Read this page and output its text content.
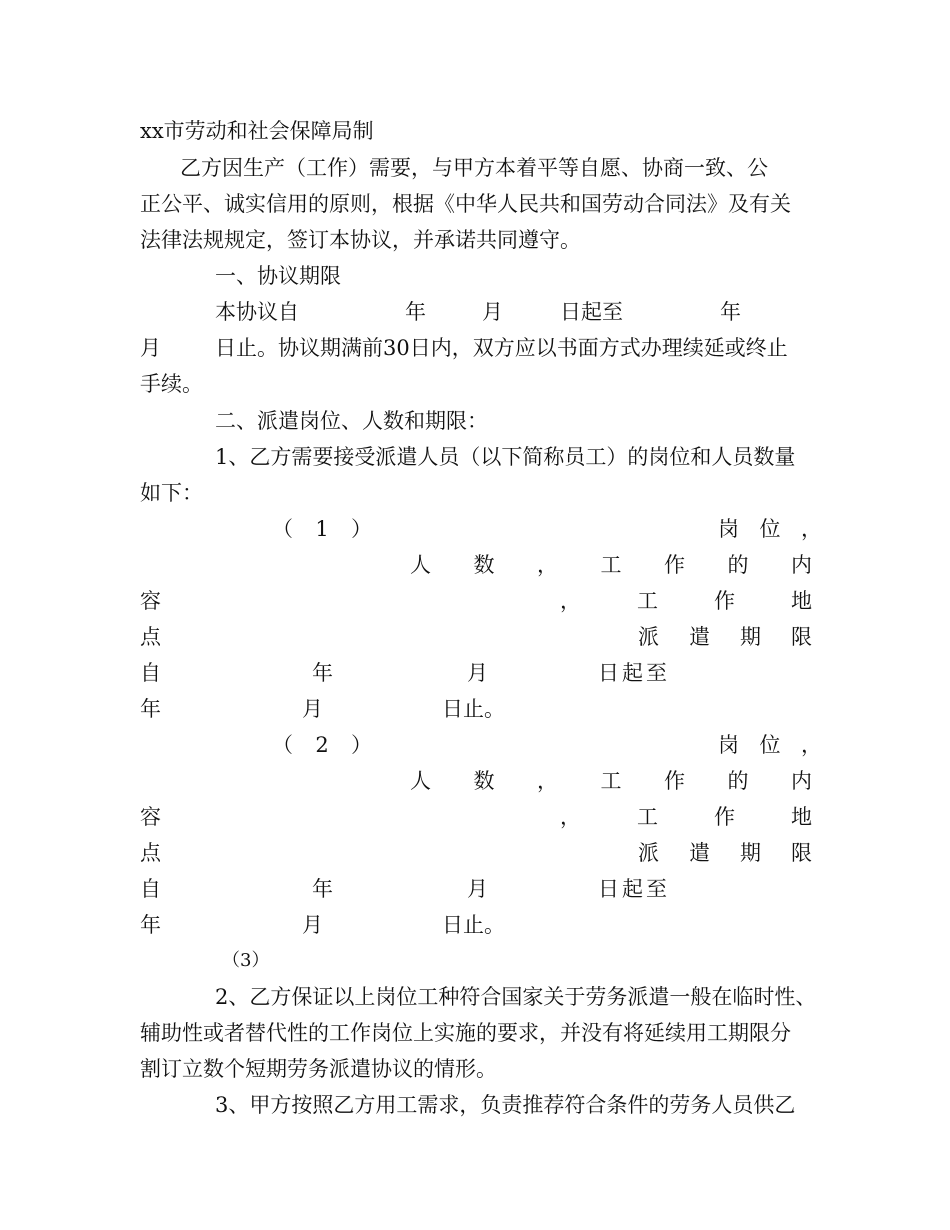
xx市劳动和社会保障局制
乙方因生产（工作）需要，与甲方本着平等自愿、协商一致、公
正公平、诚实信用的原则，根据《中华人民共和国劳动合同法》及有关
法律法规规定，签订本协议，并承诺共同遵守。
一、协议期限
本协议自	年	月	日起至	年
月	日止。协议期满前30日内，双方应以书面方式办理续延或终止
手续。
二、派遣岗位、人数和期限：
1、乙方需要接受派遣人员（以下简称员工）的岗位和人员数量
如下：
（ 1 ）	岗 位 ，
人 数 ， 工 作 的 内
容	，	工	作	地
点	派 遣 期 限
自	年	月	日起至
年	月	日止。
（ 2 ）	岗 位 ，
人 数 ， 工 作 的 内
容	，	工	作	地
点	派 遣 期 限
自	年	月	日起至
年	月	日止。
（3）
2、乙方保证以上岗位工种符合国家关于劳务派遣一般在临时性、
辅助性或者替代性的工作岗位上实施的要求，并没有将延续用工期限分
割订立数个短期劳务派遣协议的情形。
3、甲方按照乙方用工需求，负责推荐符合条件的劳务人员供乙
